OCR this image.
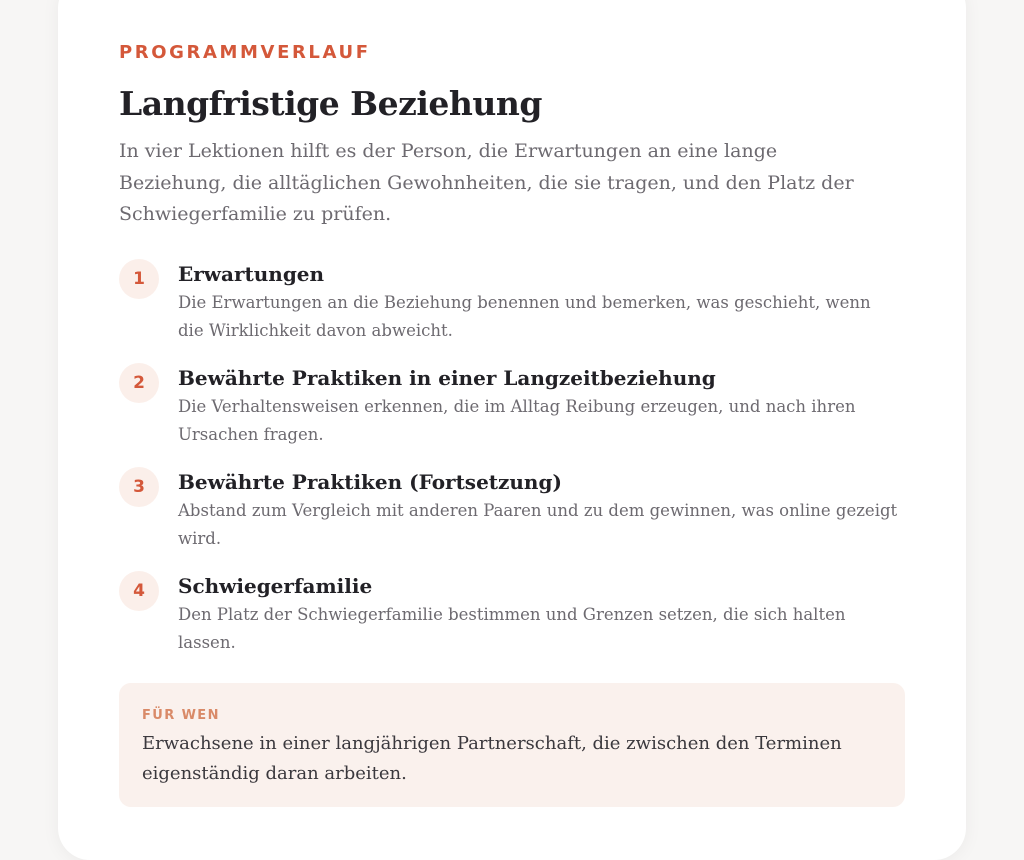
PROGRAMMVERLAUF

Langfristige Beziehung

In vier Lektionen hilft es der Person, die Erwartungen an eine lange Beziehung, die alltäglichen Gewohnheiten, die sie tragen, und den Platz der Schwiegerfamilie zu prüfen.

1	Erwartungen

Die Erwartungen an die Beziehung benennen und bemerken, was geschieht, wenn die Wirklichkeit davon abweicht.

2	Bewährte Praktiken in einer Langzeitbeziehung

Die Verhaltensweisen erkennen, die im Alltag Reibung erzeugen, und nach ihren Ursachen fragen.

3	Bewährte Praktiken (Fortsetzung)

Abstand zum Vergleich mit anderen Paaren und zu dem gewinnen, was online gezeigt wird.

4	Schwiegerfamilie

Den Platz der Schwiegerfamilie bestimmen und Grenzen setzen, die sich halten lassen.

FÜR WEN

Erwachsene in einer langjährigen Partnerschaft, die zwischen den Terminen eigenständig daran arbeiten.
